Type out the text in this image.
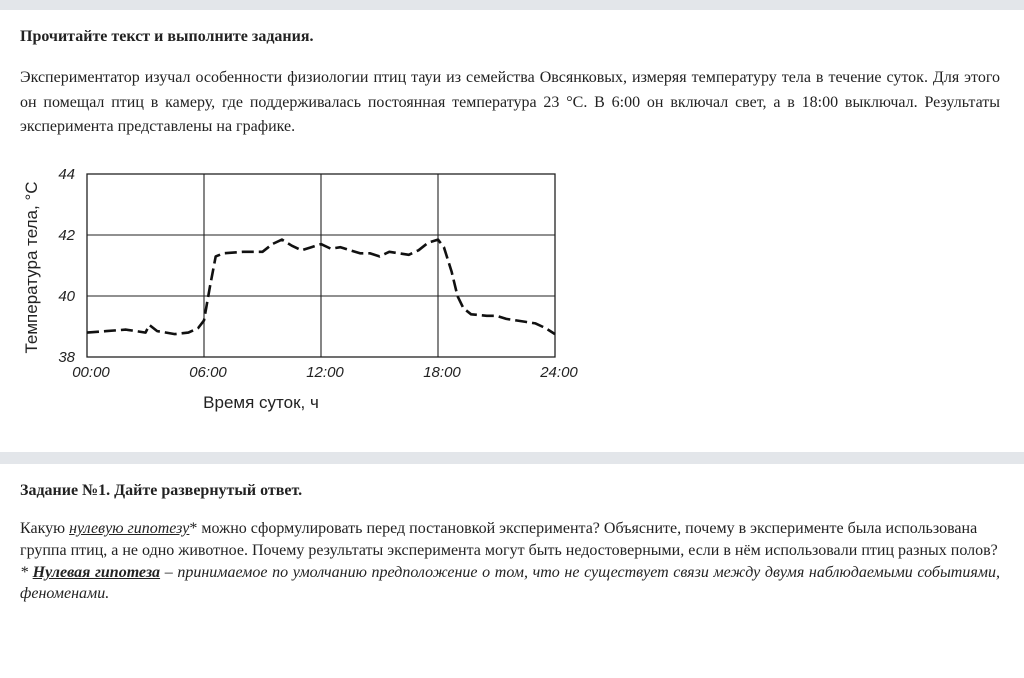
Прочитайте текст и выполните задания.

Экспериментатор изучал особенности физиологии птиц тауи из семейства Овсянковых, измеряя температуру тела в течение суток. Для этого он помещал птиц в камеру, где поддерживалась постоянная температура 23 °С. В 6:00 он включал свет, а в 18:00 выключал. Результаты эксперимента представлены на графике.

38
40
42
44
00:00	06:00	12:00	18:00	24:00
Температура тела, °С
Время суток, ч

Задание №1. Дайте развернутый ответ.

Какую нулевую гипотезу* можно сформулировать перед постановкой эксперимента? Объясните, почему в эксперименте была использована
группа птиц, а не одно животное. Почему результаты эксперимента могут быть недостоверными, если в нём использовали птиц разных полов?

* Нулевая гипотеза – принимаемое по умолчанию предположение о том, что не существует связи между двумя наблюдаемыми событиями, феноменами.
